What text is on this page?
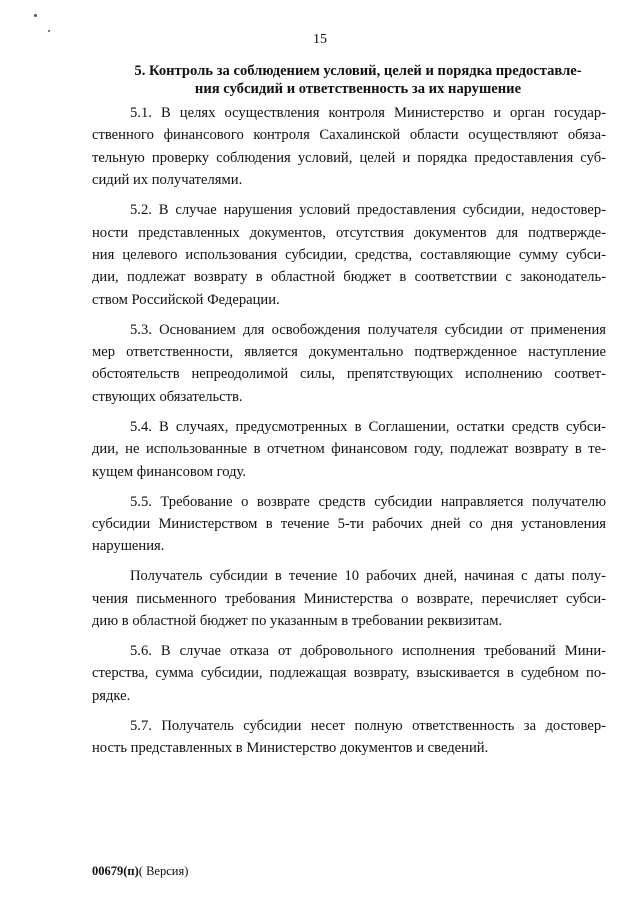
15
5. Контроль за соблюдением условий, целей и порядка предоставле-
ния субсидий и ответственность за их нарушение

5.1. В целях осуществления контроля Министерство и орган государ-
ственного финансового контроля Сахалинской области осуществляют обяза-
тельную проверку соблюдения условий, целей и порядка предоставления суб-
сидий их получателями.

5.2. В случае нарушения условий предоставления субсидии, недостовер-
ности представленных документов, отсутствия документов для подтвержде-
ния целевого использования субсидии, средства, составляющие сумму субси-
дии, подлежат возврату в областной бюджет в соответствии с законодатель-
ством Российской Федерации.

5.3. Основанием для освобождения получателя субсидии от применения
мер ответственности, является документально подтвержденное наступление
обстоятельств непреодолимой силы, препятствующих исполнению соответ-
ствующих обязательств.

5.4. В случаях, предусмотренных в Соглашении, остатки средств субси-
дии, не использованные в отчетном финансовом году, подлежат возврату в те-
кущем финансовом году.

5.5. Требование о возврате средств субсидии направляется получателю
субсидии Министерством в течение 5-ти рабочих дней со дня установления
нарушения.

Получатель субсидии в течение 10 рабочих дней, начиная с даты полу-
чения письменного требования Министерства о возврате, перечисляет субси-
дию в областной бюджет по указанным в требовании реквизитам.

5.6. В случае отказа от добровольного исполнения требований Мини-
стерства, сумма субсидии, подлежащая возврату, взыскивается в судебном по-
рядке.

5.7. Получатель субсидии несет полную ответственность за достовер-
ность представленных в Министерство документов и сведений.

00679(п)( Версия)
